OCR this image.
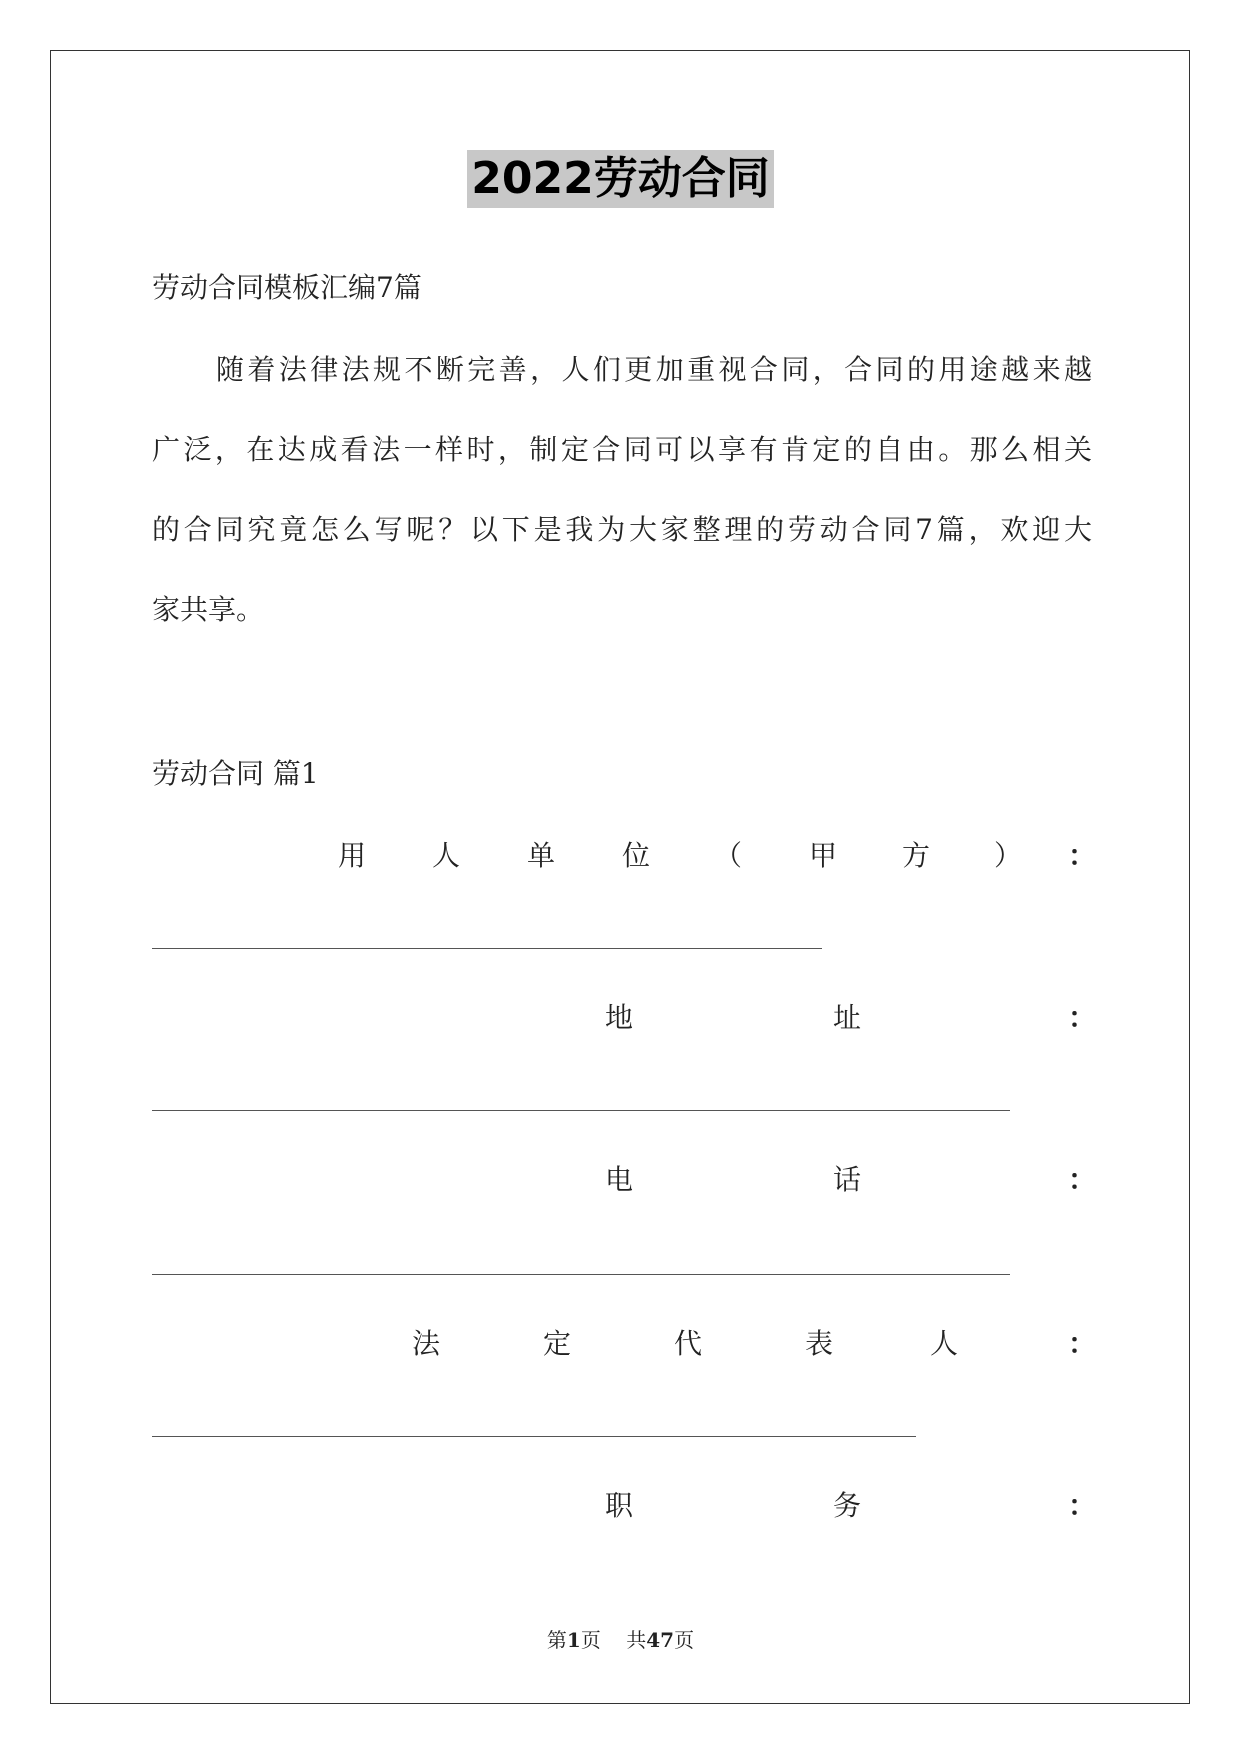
2022劳动合同
劳动合同模板汇编7篇
随着法律法规不断完善，人们更加重视合同，合同的用途越来越
广泛，在达成看法一样时，制定合同可以享有肯定的自由。那么相关
的合同究竟怎么写呢？以下是我为大家整理的劳动合同7篇，欢迎大
家共享。
劳动合同 篇1
用 人 单 位 （ 甲 方 ） ：
地	址	：
电	话	：
法	定	代	表	人	：
职	务	：
第1页 共47页
